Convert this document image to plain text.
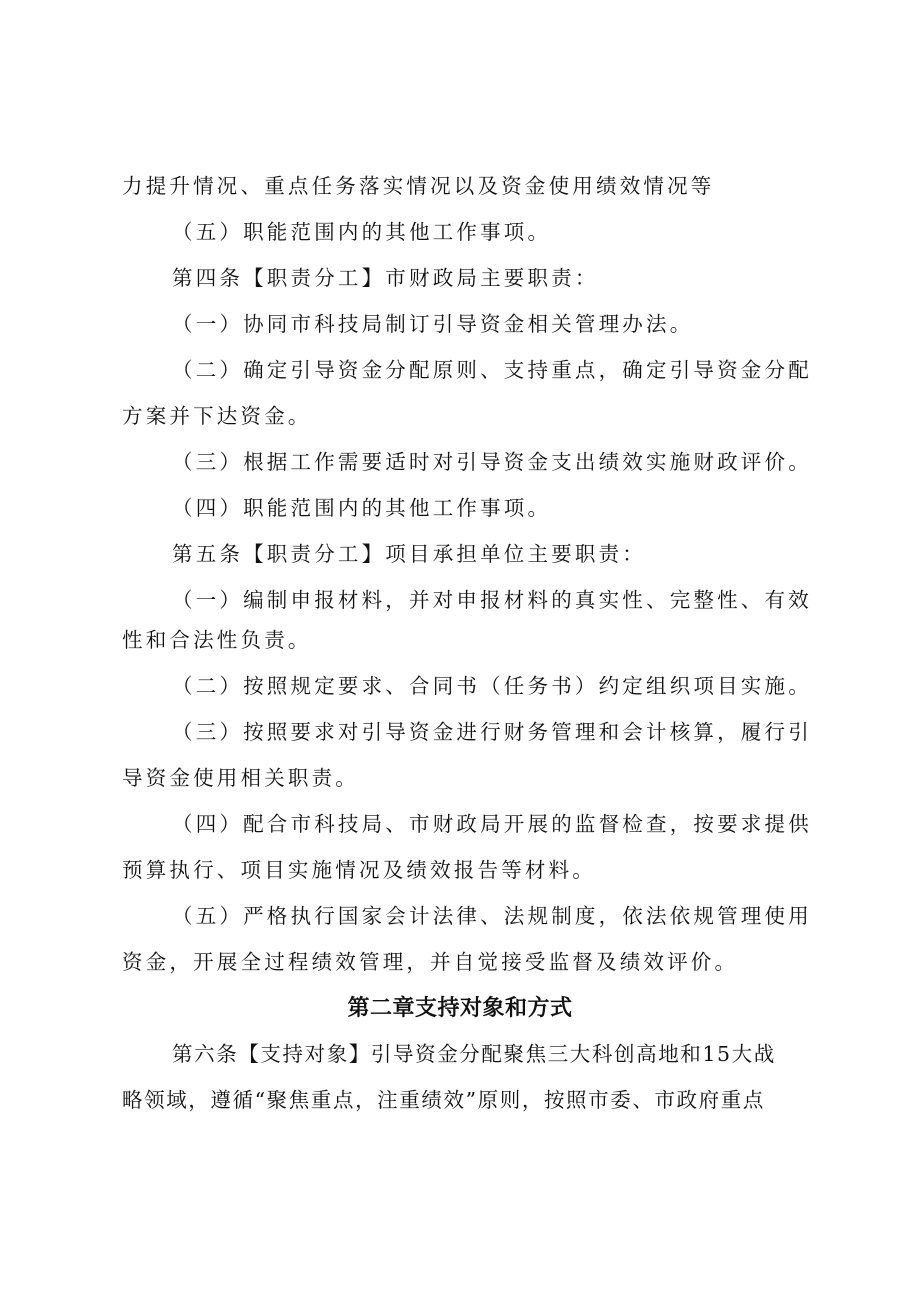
力提升情况、重点任务落实情况以及资金使用绩效情况等
（五）职能范围内的其他工作事项。
第四条【职责分工】市财政局主要职责：
（一）协同市科技局制订引导资金相关管理办法。
（二）确定引导资金分配原则、支持重点，确定引导资金分配
方案并下达资金。
（三）根据工作需要适时对引导资金支出绩效实施财政评价。
（四）职能范围内的其他工作事项。
第五条【职责分工】项目承担单位主要职责：
（一）编制申报材料，并对申报材料的真实性、完整性、有效
性和合法性负责。
（二）按照规定要求、合同书（任务书）约定组织项目实施。
（三）按照要求对引导资金进行财务管理和会计核算，履行引
导资金使用相关职责。
（四）配合市科技局、市财政局开展的监督检查，按要求提供
预算执行、项目实施情况及绩效报告等材料。
（五）严格执行国家会计法律、法规制度，依法依规管理使用
资金，开展全过程绩效管理，并自觉接受监督及绩效评价。
第二章支持对象和方式
第六条【支持对象】引导资金分配聚焦三大科创高地和15大战
略领域，遵循“聚焦重点，注重绩效”原则，按照市委、市政府重点
